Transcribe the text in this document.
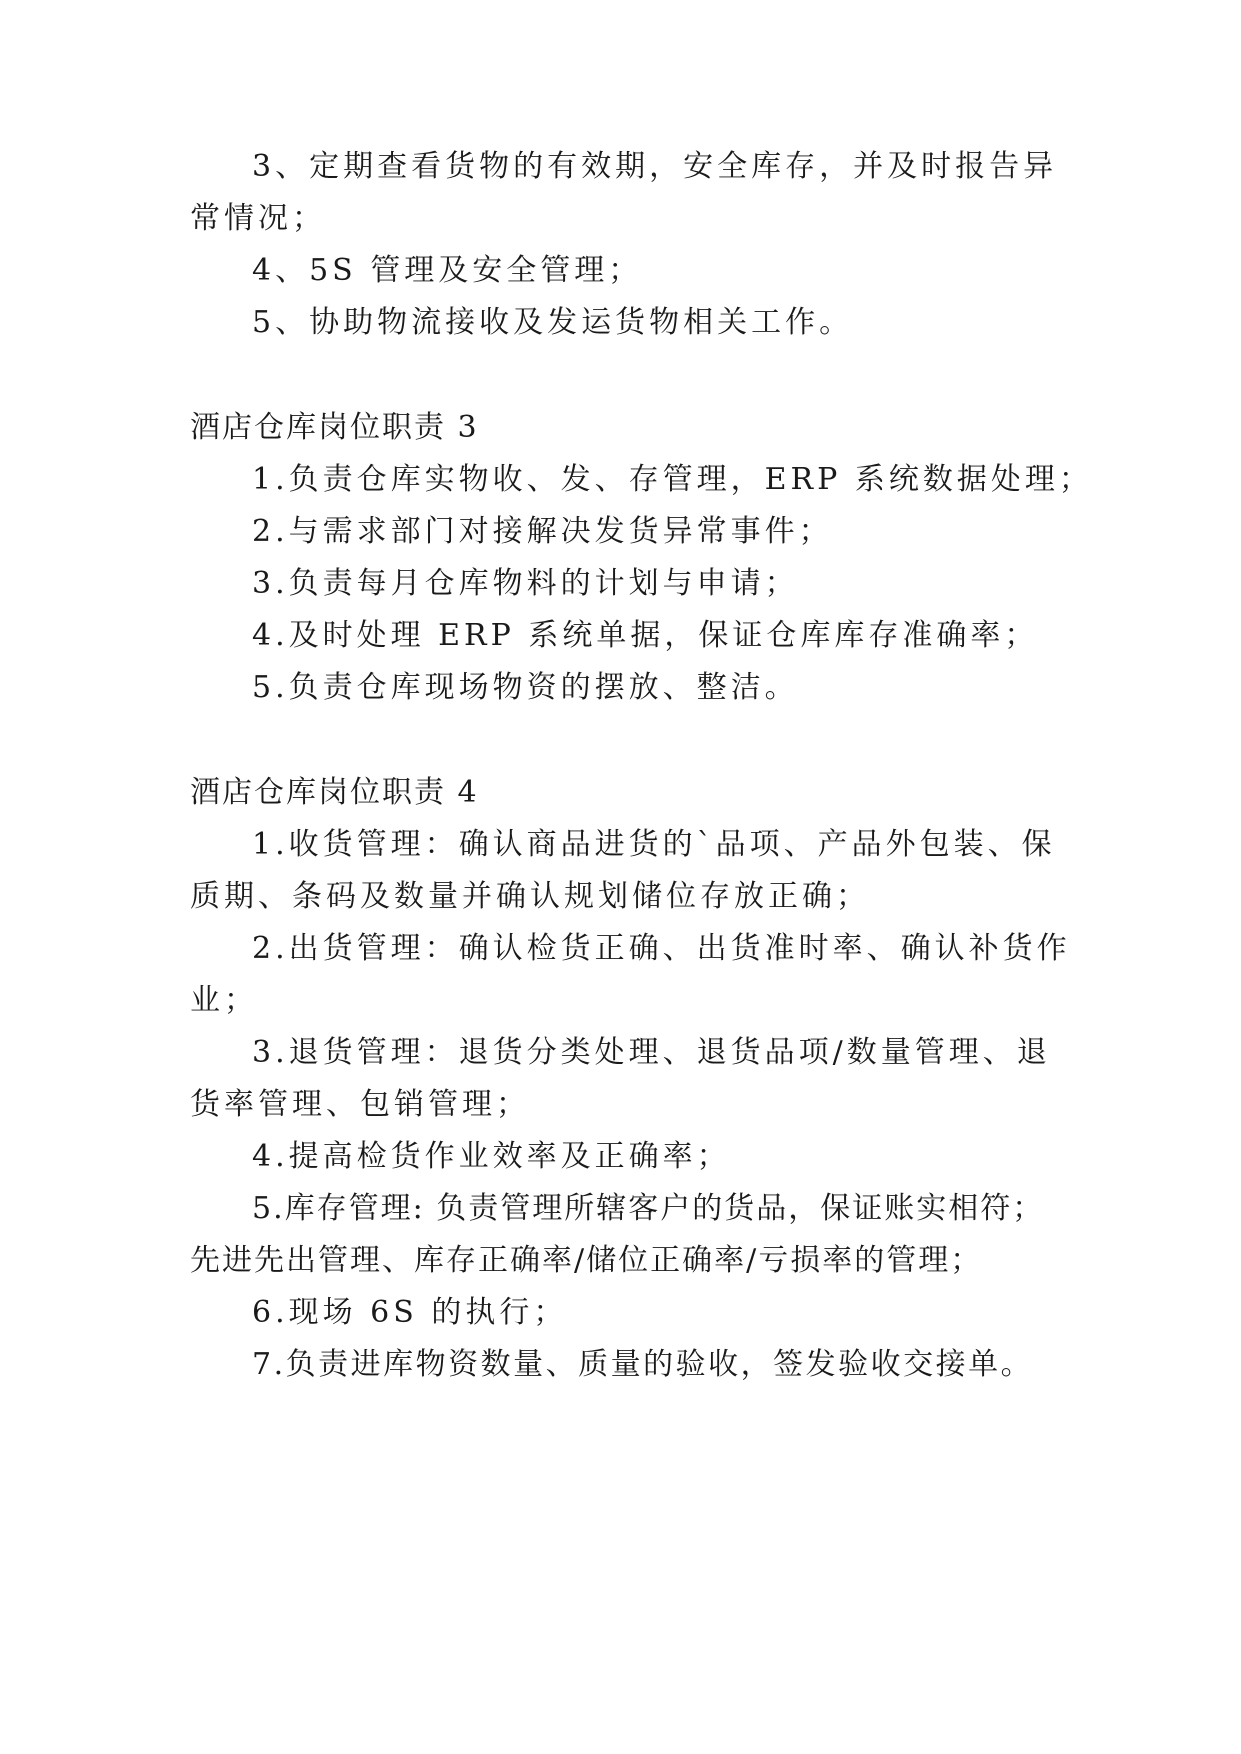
3、定期查看货物的有效期，安全库存，并及时报告异

常情况；

4、5S 管理及安全管理；

5、协助物流接收及发运货物相关工作。

酒店仓库岗位职责 3

1.负责仓库实物收、发、存管理，ERP 系统数据处理；

2.与需求部门对接解决发货异常事件；

3.负责每月仓库物料的计划与申请；

4.及时处理 ERP 系统单据，保证仓库库存准确率；

5.负责仓库现场物资的摆放、整洁。

酒店仓库岗位职责 4

1.收货管理：确认商品进货的`品项、产品外包装、保

质期、条码及数量并确认规划储位存放正确；

2.出货管理：确认检货正确、出货准时率、确认补货作

业；

3.退货管理：退货分类处理、退货品项/数量管理、退

货率管理、包销管理；

4.提高检货作业效率及正确率；

5.库存管理: 负责管理所辖客户的货品，保证账实相符；

先进先出管理、库存正确率/储位正确率/亏损率的管理；

6.现场 6S 的执行；

7.负责进库物资数量、质量的验收，签发验收交接单。
